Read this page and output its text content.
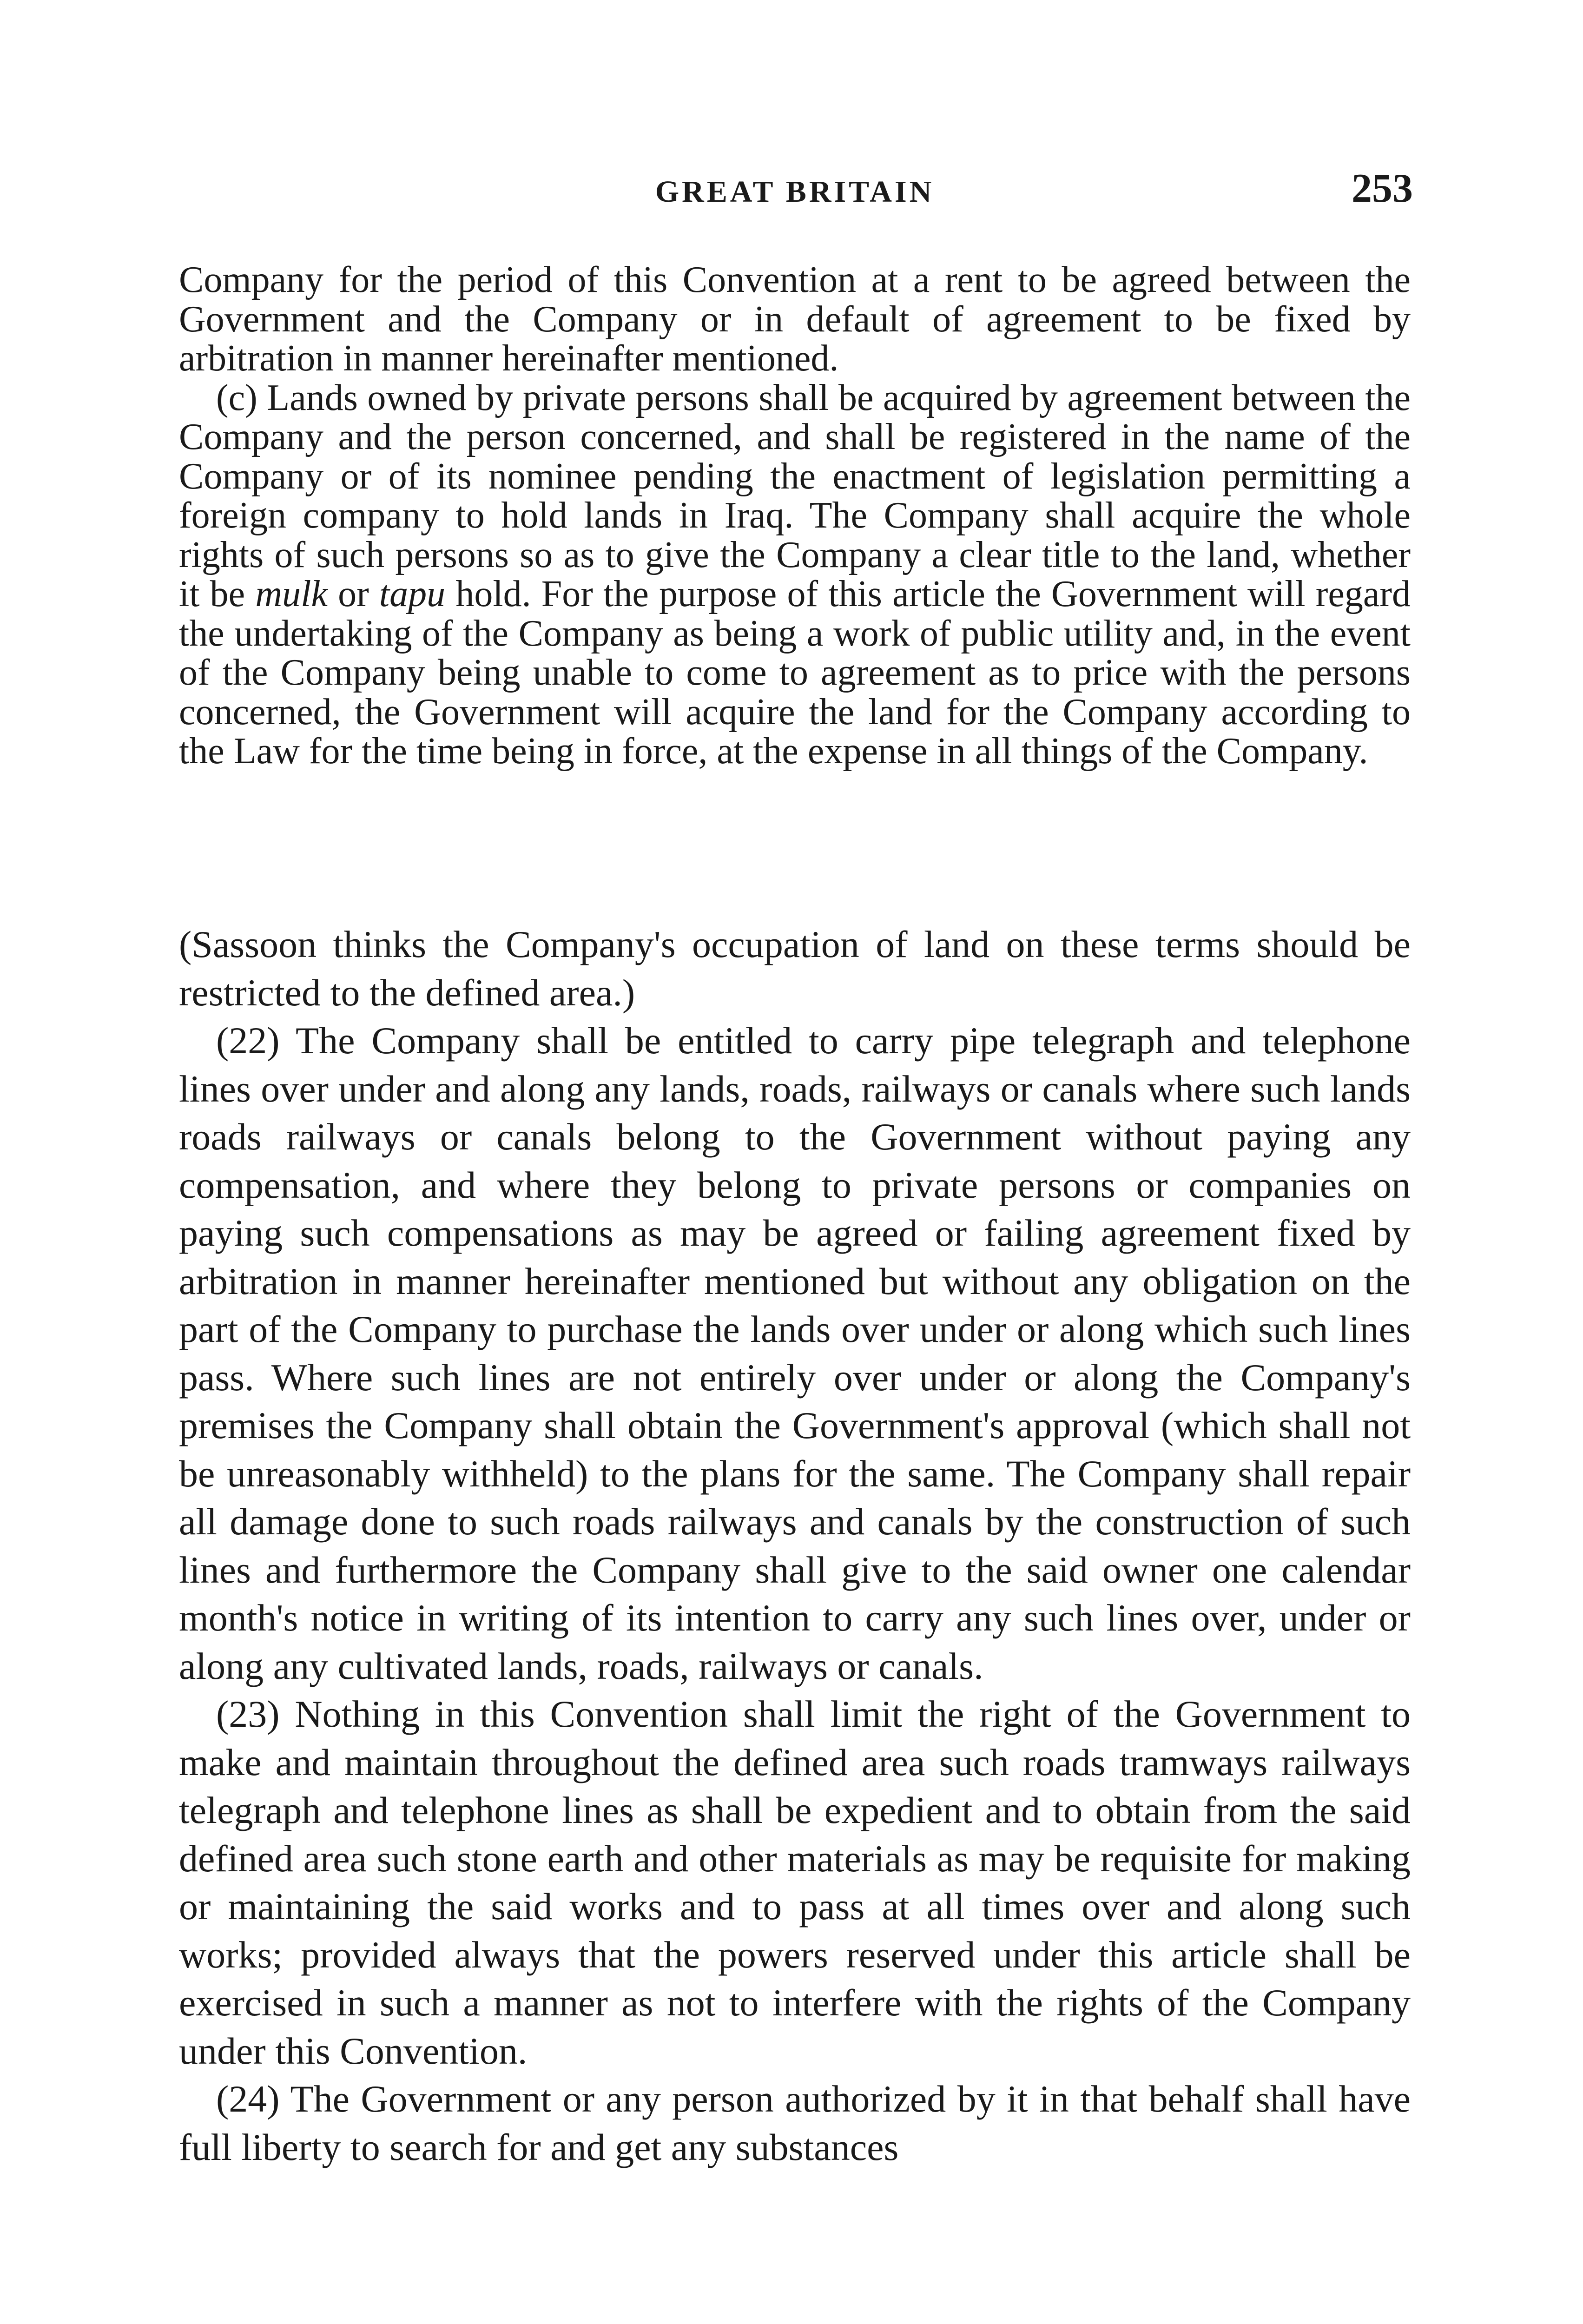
GREAT BRITAIN	253

Company for the period of this Convention at a rent to be agreed between the Government and the Company or in default of agreement to be fixed by arbitration in manner hereinafter mentioned.

(c) Lands owned by private persons shall be acquired by agreement between the Company and the person concerned, and shall be registered in the name of the Company or of its nominee pending the enactment of legislation permitting a foreign company to hold lands in Iraq. The Company shall acquire the whole rights of such persons so as to give the Company a clear title to the land, whether it be mulk or tapu hold. For the purpose of this article the Government will regard the undertaking of the Company as being a work of public utility and, in the event of the Company being unable to come to agreement as to price with the persons concerned, the Government will acquire the land for the Company according to the Law for the time being in force, at the expense in all things of the Company.

(Sassoon thinks the Company's occupation of land on these terms should be restricted to the defined area.)

(22) The Company shall be entitled to carry pipe telegraph and telephone lines over under and along any lands, roads, railways or canals where such lands roads railways or canals belong to the Government without paying any compensation, and where they belong to private persons or companies on paying such compensations as may be agreed or failing agreement fixed by arbitration in manner hereinafter mentioned but without any obligation on the part of the Company to purchase the lands over under or along which such lines pass. Where such lines are not entirely over under or along the Company's premises the Company shall obtain the Government's approval (which shall not be unreasonably withheld) to the plans for the same. The Company shall repair all damage done to such roads railways and canals by the construction of such lines and furthermore the Company shall give to the said owner one calendar month's notice in writing of its intention to carry any such lines over, under or along any cultivated lands, roads, railways or canals.

(23) Nothing in this Convention shall limit the right of the Government to make and maintain throughout the defined area such roads tramways railways telegraph and telephone lines as shall be expedient and to obtain from the said defined area such stone earth and other materials as may be requisite for making or maintaining the said works and to pass at all times over and along such works; provided always that the powers reserved under this article shall be exercised in such a manner as not to interfere with the rights of the Company under this Convention.

(24) The Government or any person authorized by it in that behalf shall have full liberty to search for and get any substances
